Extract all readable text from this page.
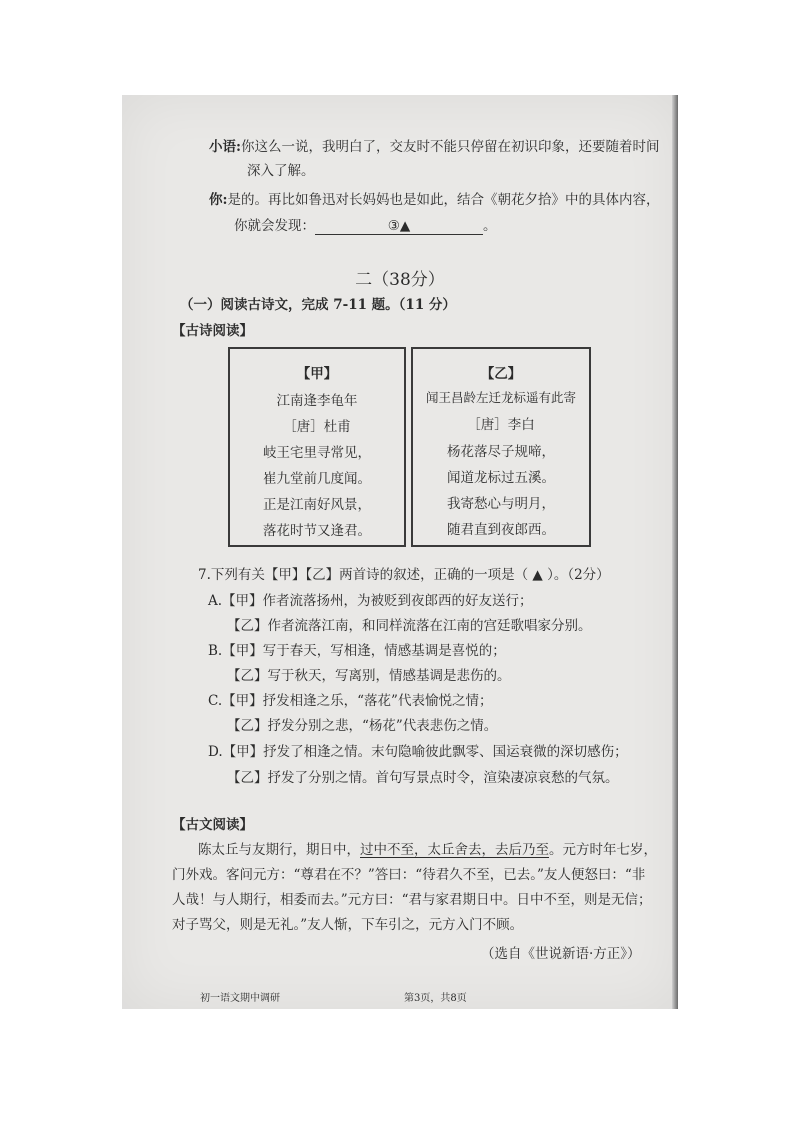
小语:你这么一说，我明白了，交友时不能只停留在初识印象，还要随着时间
深入了解。
你:是的。再比如鲁迅对长妈妈也是如此，结合《朝花夕拾》中的具体内容，
你就会发现：	③▲	。
二（38分）
（一）阅读古诗文，完成 7-11 题。（11 分）
【古诗阅读】
【甲】
江南逢李龟年
［唐］杜甫
岐王宅里寻常见，
崔九堂前几度闻。
正是江南好风景，
落花时节又逢君。
【乙】
闻王昌龄左迁龙标遥有此寄
［唐］李白
杨花落尽子规啼，
闻道龙标过五溪。
我寄愁心与明月，
随君直到夜郎西。
7.下列有关【甲】【乙】两首诗的叙述，正确的一项是（ ▲ ）。（2分）
A.【甲】作者流落扬州，为被贬到夜郎西的好友送行；
【乙】作者流落江南，和同样流落在江南的宫廷歌唱家分别。
B.【甲】写于春天，写相逢，情感基调是喜悦的；
【乙】写于秋天，写离别，情感基调是悲伤的。
C.【甲】抒发相逢之乐，“落花”代表愉悦之情；
【乙】抒发分别之悲，“杨花”代表悲伤之情。
D.【甲】抒发了相逢之情。末句隐喻彼此飘零、国运衰微的深切感伤；
【乙】抒发了分别之情。首句写景点时令，渲染凄凉哀愁的气氛。
【古文阅读】
陈太丘与友期行，期日中，过中不至，太丘舍去，去后乃至。元方时年七岁，
门外戏。客问元方：“尊君在不？”答曰：“待君久不至，已去。”友人便怒曰：“非
人哉！与人期行，相委而去。”元方曰：“君与家君期日中。日中不至，则是无信；
对子骂父，则是无礼。”友人惭，下车引之，元方入门不顾。
（选自《世说新语·方正》）
初一语文期中调研	第3页，共8页
